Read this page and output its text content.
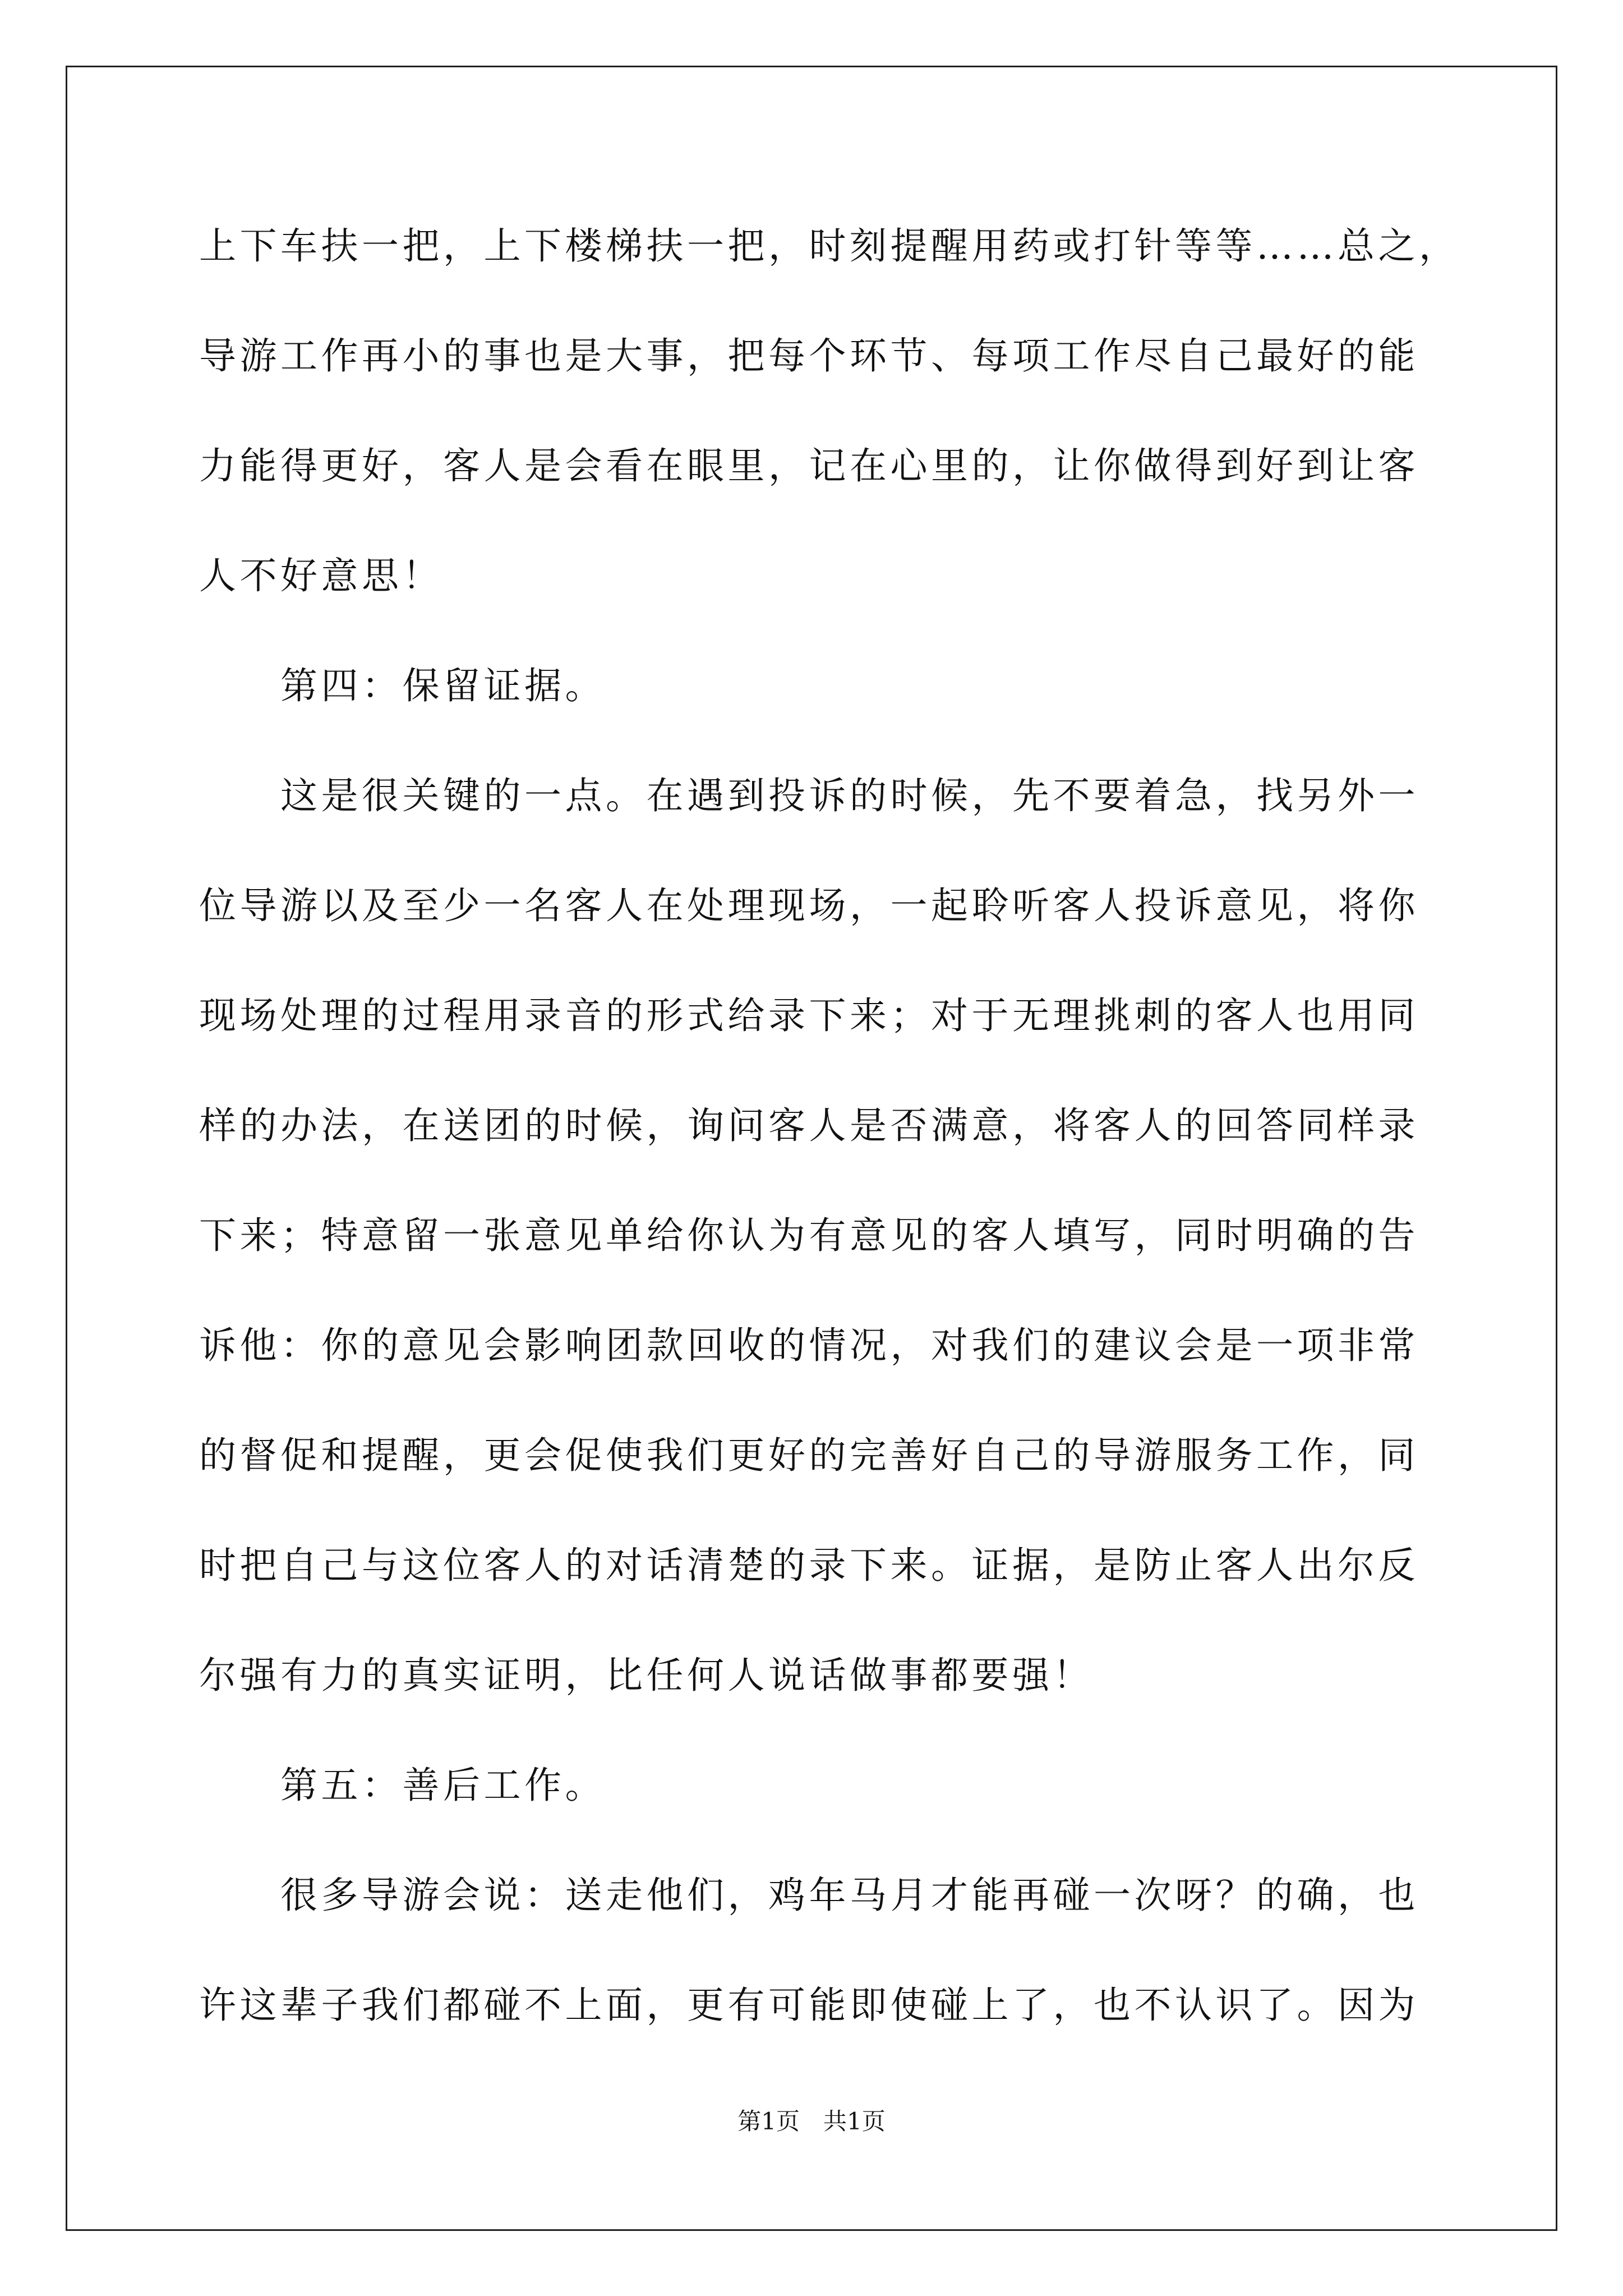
上下车扶一把，上下楼梯扶一把，时刻提醒用药或打针等等……总之，
导游工作再小的事也是大事，把每个环节、每项工作尽自己最好的能
力能得更好，客人是会看在眼里，记在心里的，让你做得到好到让客
人不好意思！
　　第四：保留证据。
　　这是很关键的一点。在遇到投诉的时候，先不要着急，找另外一
位导游以及至少一名客人在处理现场，一起聆听客人投诉意见，将你
现场处理的过程用录音的形式给录下来；对于无理挑刺的客人也用同
样的办法，在送团的时候，询问客人是否满意，将客人的回答同样录
下来；特意留一张意见单给你认为有意见的客人填写，同时明确的告
诉他：你的意见会影响团款回收的情况，对我们的建议会是一项非常
的督促和提醒，更会促使我们更好的完善好自己的导游服务工作，同
时把自己与这位客人的对话清楚的录下来。证据，是防止客人出尔反
尔强有力的真实证明，比任何人说话做事都要强！
　　第五：善后工作。
　　很多导游会说：送走他们，鸡年马月才能再碰一次呀？的确，也
许这辈子我们都碰不上面，更有可能即使碰上了，也不认识了。因为
第1页　共1页
